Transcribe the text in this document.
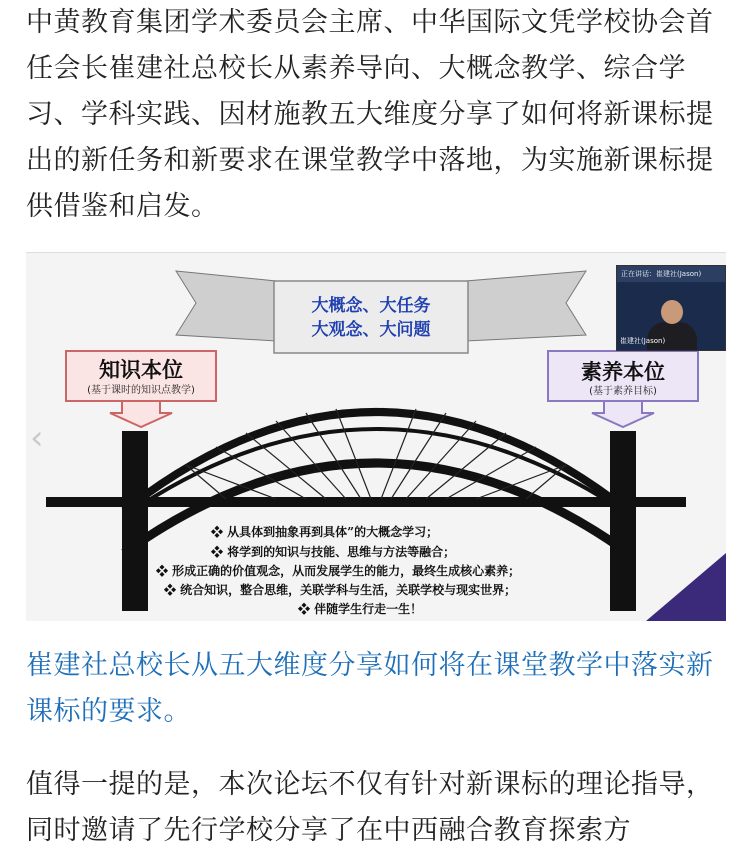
中黄教育集团学术委员会主席、中华国际文凭学校协会首任会长崔建社总校长从素养导向、大概念教学、综合学习、学科实践、因材施教五大维度分享了如何将新课标提出的新任务和新要求在课堂教学中落地，为实施新课标提供借鉴和启发。

大概念、大任务
大观念、大问题
知识本位
(基于课时的知识点教学)
素养本位
(基于素养目标)
❖ 从具体到抽象再到具体”的大概念学习；
❖ 将学到的知识与技能、思维与方法等融合；
❖ 形成正确的价值观念，从而发展学生的能力，最终生成核心素养；
❖ 统合知识，整合思维，关联学科与生活，关联学校与现实世界；
❖ 伴随学生行走一生！
‹
正在讲话：崔建社(Jason)
崔建社(Jason)

崔建社总校长从五大维度分享如何将在课堂教学中落实新课标的要求。

值得一提的是，本次论坛不仅有针对新课标的理论指导，同时邀请了先行学校分享了在中西融合教育探索方
